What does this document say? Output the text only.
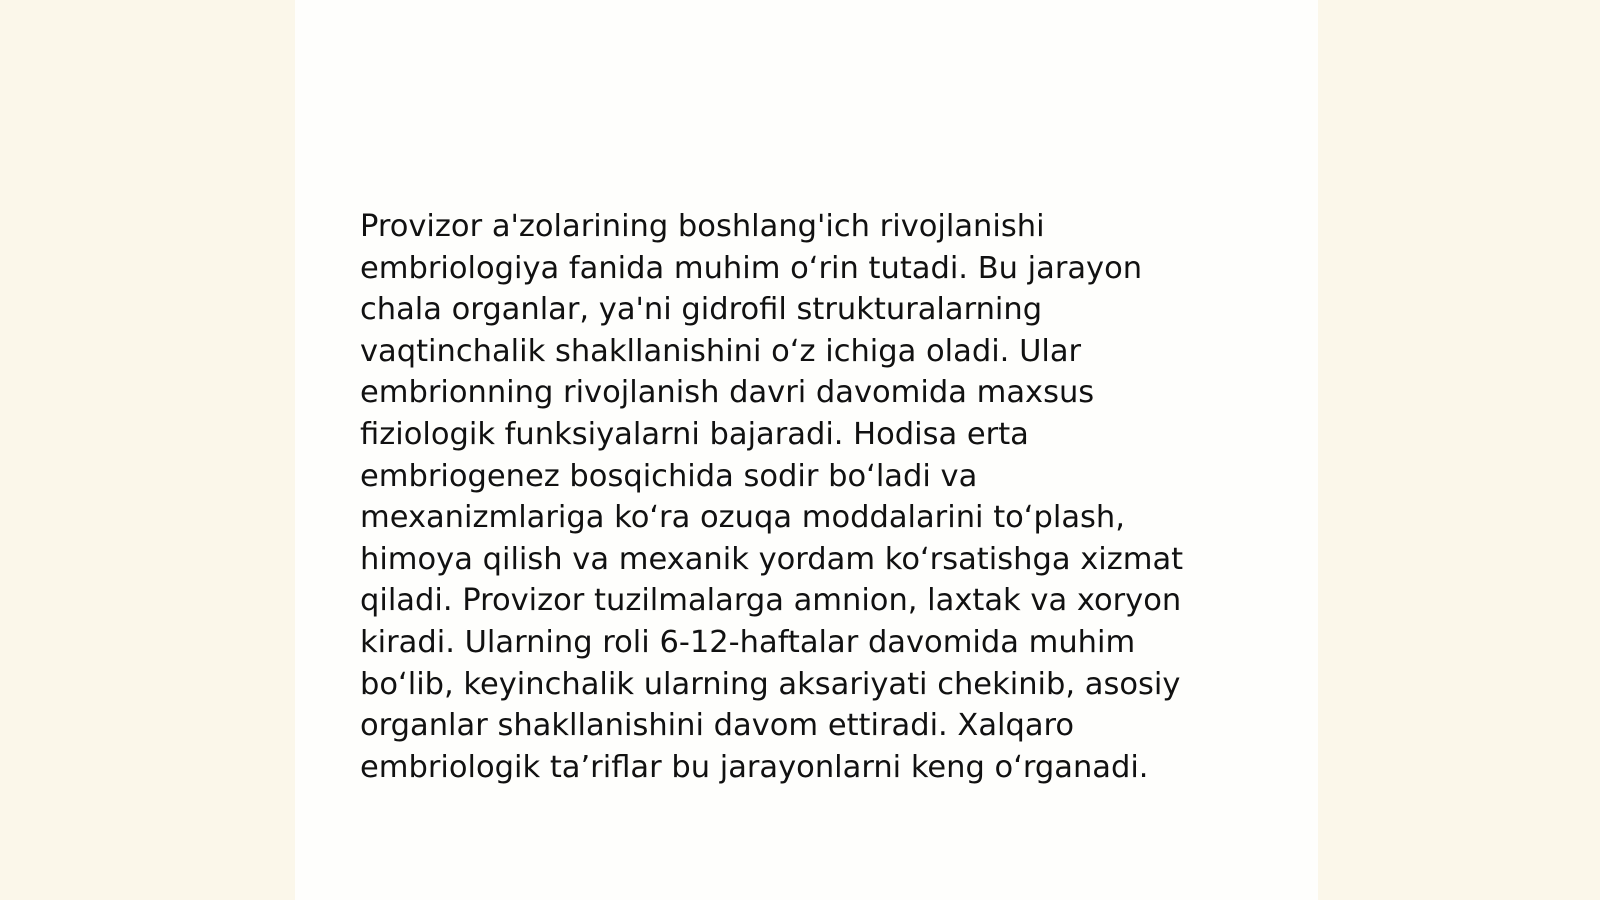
Provizor a'zolarining boshlang'ich rivojlanishi
embriologiya fanida muhim o‘rin tutadi. Bu jarayon
chala organlar, ya'ni gidrofil strukturalarning
vaqtinchalik shakllanishini o‘z ichiga oladi. Ular
embrionning rivojlanish davri davomida maxsus
fiziologik funksiyalarni bajaradi. Hodisa erta
embriogenez bosqichida sodir bo‘ladi va
mexanizmlariga ko‘ra ozuqa moddalarini to‘plash,
himoya qilish va mexanik yordam ko‘rsatishga xizmat
qiladi. Provizor tuzilmalarga amnion, laxtak va xoryon
kiradi. Ularning roli 6-12-haftalar davomida muhim
bo‘lib, keyinchalik ularning aksariyati chekinib, asosiy
organlar shakllanishini davom ettiradi. Xalqaro
embriologik ta’riflar bu jarayonlarni keng o‘rganadi.
